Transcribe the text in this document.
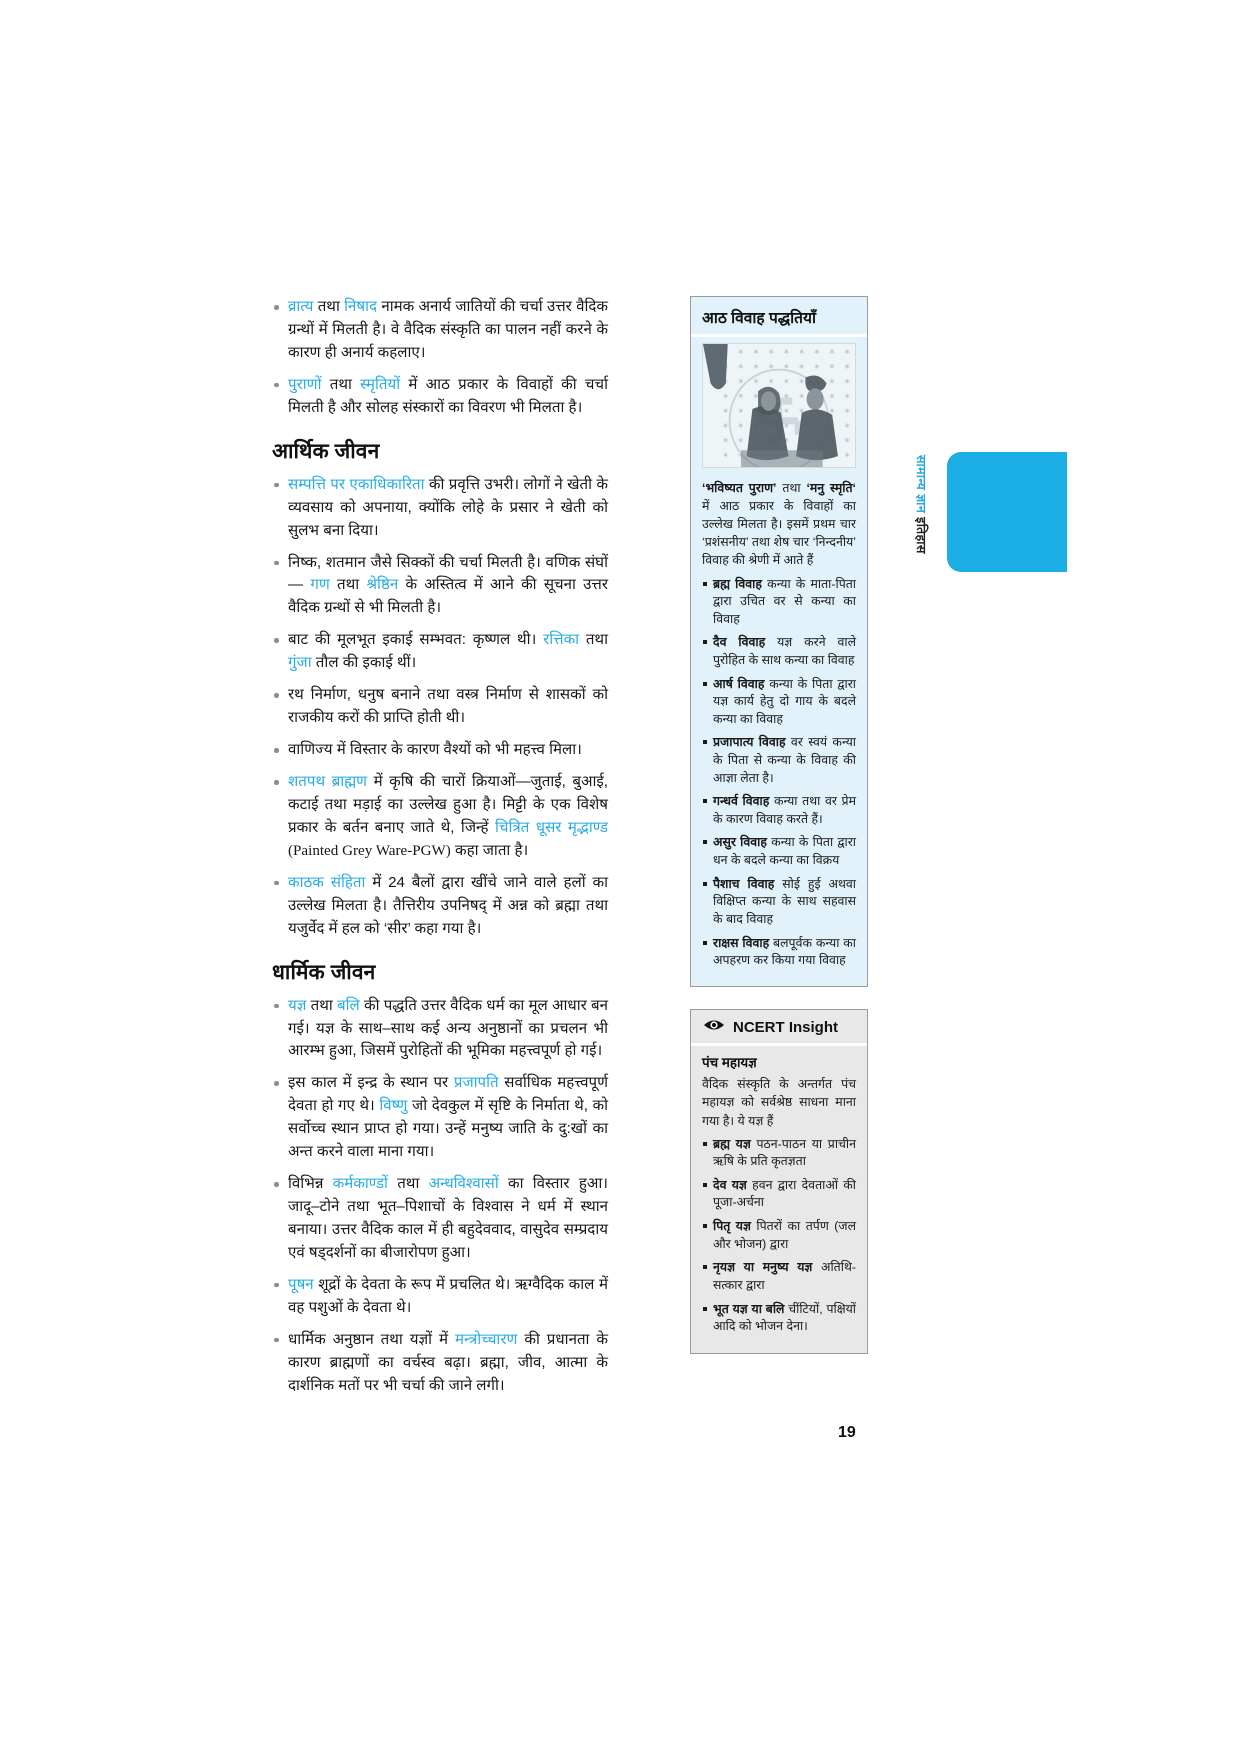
व्रात्य तथा निषाद नामक अनार्य जातियों की चर्चा उत्तर वैदिक ग्रन्थों में मिलती है। वे वैदिक संस्कृति का पालन नहीं करने के कारण ही अनार्य कहलाए।
पुराणों तथा स्मृतियों में आठ प्रकार के विवाहों की चर्चा मिलती है और सोलह संस्कारों का विवरण भी मिलता है।
आर्थिक जीवन
सम्पत्ति पर एकाधिकारिता की प्रवृत्ति उभरी। लोगों ने खेती के व्यवसाय को अपनाया, क्योंकि लोहे के प्रसार ने खेती को सुलभ बना दिया।
निष्क, शतमान जैसे सिक्कों की चर्चा मिलती है। वणिक संघों— गण तथा श्रेष्ठिन के अस्तित्व में आने की सूचना उत्तर वैदिक ग्रन्थों से भी मिलती है।
बाट की मूलभूत इकाई सम्भवत: कृष्णल थी। रत्तिका तथा गुंजा तौल की इकाई थीं।
रथ निर्माण, धनुष बनाने तथा वस्त्र निर्माण से शासकों को राजकीय करों की प्राप्ति होती थी।
वाणिज्य में विस्तार के कारण वैश्यों को भी महत्त्व मिला।
शतपथ ब्राह्मण में कृषि की चारों क्रियाओं—जुताई, बुआई, कटाई तथा मड़ाई का उल्लेख हुआ है। मिट्टी के एक विशेष प्रकार के बर्तन बनाए जाते थे, जिन्हें चित्रित धूसर मृद्भाण्ड (Painted Grey Ware-PGW) कहा जाता है।
काठक संहिता में 24 बैलों द्वारा खींचे जाने वाले हलों का उल्लेख मिलता है। तैत्तिरीय उपनिषद् में अन्न को ब्रह्मा तथा यजुर्वेद में हल को ‘सीर’ कहा गया है।
धार्मिक जीवन
यज्ञ तथा बलि की पद्धति उत्तर वैदिक धर्म का मूल आधार बन गई। यज्ञ के साथ–साथ कई अन्य अनुष्ठानों का प्रचलन भी आरम्भ हुआ, जिसमें पुरोहितों की भूमिका महत्त्वपूर्ण हो गई।
इस काल में इन्द्र के स्थान पर प्रजापति सर्वाधिक महत्त्वपूर्ण देवता हो गए थे। विष्णु जो देवकुल में सृष्टि के निर्माता थे, को सर्वोच्च स्थान प्राप्त हो गया। उन्हें मनुष्य जाति के दु:खों का अन्त करने वाला माना गया।
विभिन्न कर्मकाण्डों तथा अन्धविश्वासों का विस्तार हुआ। जादू–टोने तथा भूत–पिशाचों के विश्वास ने धर्म में स्थान बनाया। उत्तर वैदिक काल में ही बहुदेववाद, वासुदेव सम्प्रदाय एवं षड्दर्शनों का बीजारोपण हुआ।
पूषन शूद्रों के देवता के रूप में प्रचलित थे। ऋग्वैदिक काल में वह पशुओं के देवता थे।
धार्मिक अनुष्ठान तथा यज्ञों में मन्त्रोच्चारण की प्रधानता के कारण ब्राह्मणों का वर्चस्व बढ़ा। ब्रह्मा, जीव, आत्मा के दार्शनिक मतों पर भी चर्चा की जाने लगी।
आठ विवाह पद्धतियाँ

‘भविष्यत पुराण’ तथा ‘मनु स्मृति‘ में आठ प्रकार के विवाहों का उल्लेख मिलता है। इसमें प्रथम चार ‘प्रशंसनीय’ तथा शेष चार ‘निन्दनीय’ विवाह की श्रेणी में आते हैं

ब्रह्म विवाह कन्या के माता-पिता द्वारा उचित वर से कन्या का विवाह
दैव विवाह यज्ञ करने वाले पुरोहित के साथ कन्या का विवाह
आर्ष विवाह कन्या के पिता द्वारा यज्ञ कार्य हेतु दो गाय के बदले कन्या का विवाह
प्रजापात्य विवाह वर स्वयं कन्या के पिता से कन्या के विवाह की आज्ञा लेता है।
गन्धर्व विवाह कन्या तथा वर प्रेम के कारण विवाह करते हैं।
असुर विवाह कन्या के पिता द्वारा धन के बदले कन्या का विक्रय
पैशाच विवाह सोई हुई अथवा विक्षिप्त कन्या के साथ सहवास के बाद विवाह
राक्षस विवाह बलपूर्वक कन्या का अपहरण कर किया गया विवाह
NCERT Insight
पंच महायज्ञ

वैदिक संस्कृति के अन्तर्गत पंच महायज्ञ को सर्वश्रेष्ठ साधना माना गया है। ये यज्ञ हैं

ब्रह्म यज्ञ पठन-पाठन या प्राचीन ऋषि के प्रति कृतज्ञता
देव यज्ञ हवन द्वारा देवताओं की पूजा-अर्चना
पितृ यज्ञ पितरों का तर्पण (जल और भोजन) द्वारा
नृयज्ञ या मनुष्य यज्ञ अतिथि-सत्कार द्वारा
भूत यज्ञ या बलि चींटियों, पक्षियों आदि को भोजन देना।
सामान्य ज्ञान इतिहास
19
